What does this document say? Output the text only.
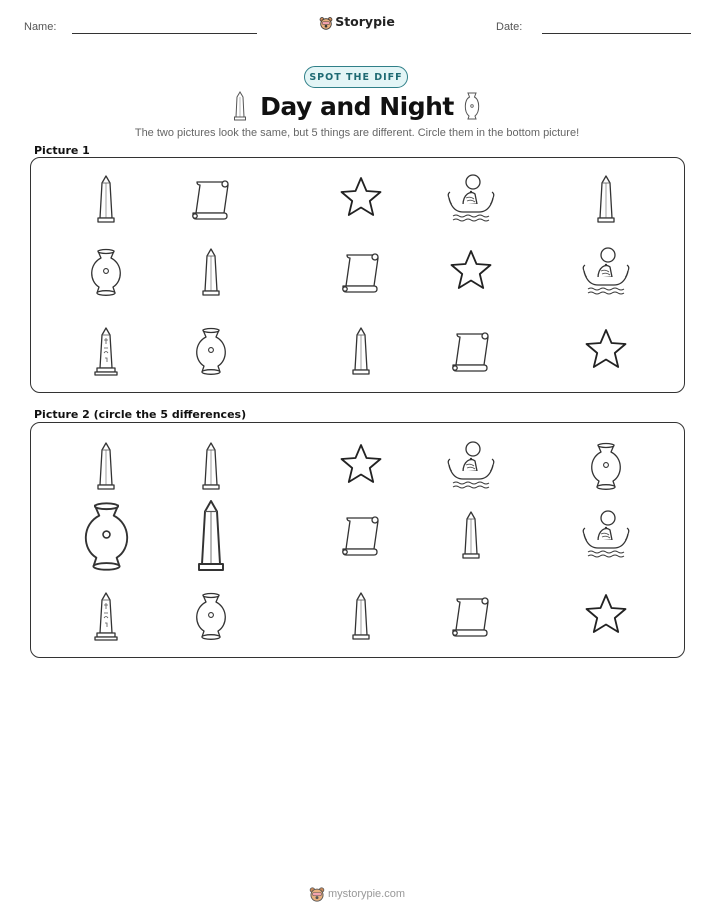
Name:	Storypie	Date:
SPOT THE DIFF
Day and Night
The two pictures look the same, but 5 things are different. Circle them in the bottom picture!
Picture 1
Picture 2 (circle the 5 differences)
mystorypie.com
